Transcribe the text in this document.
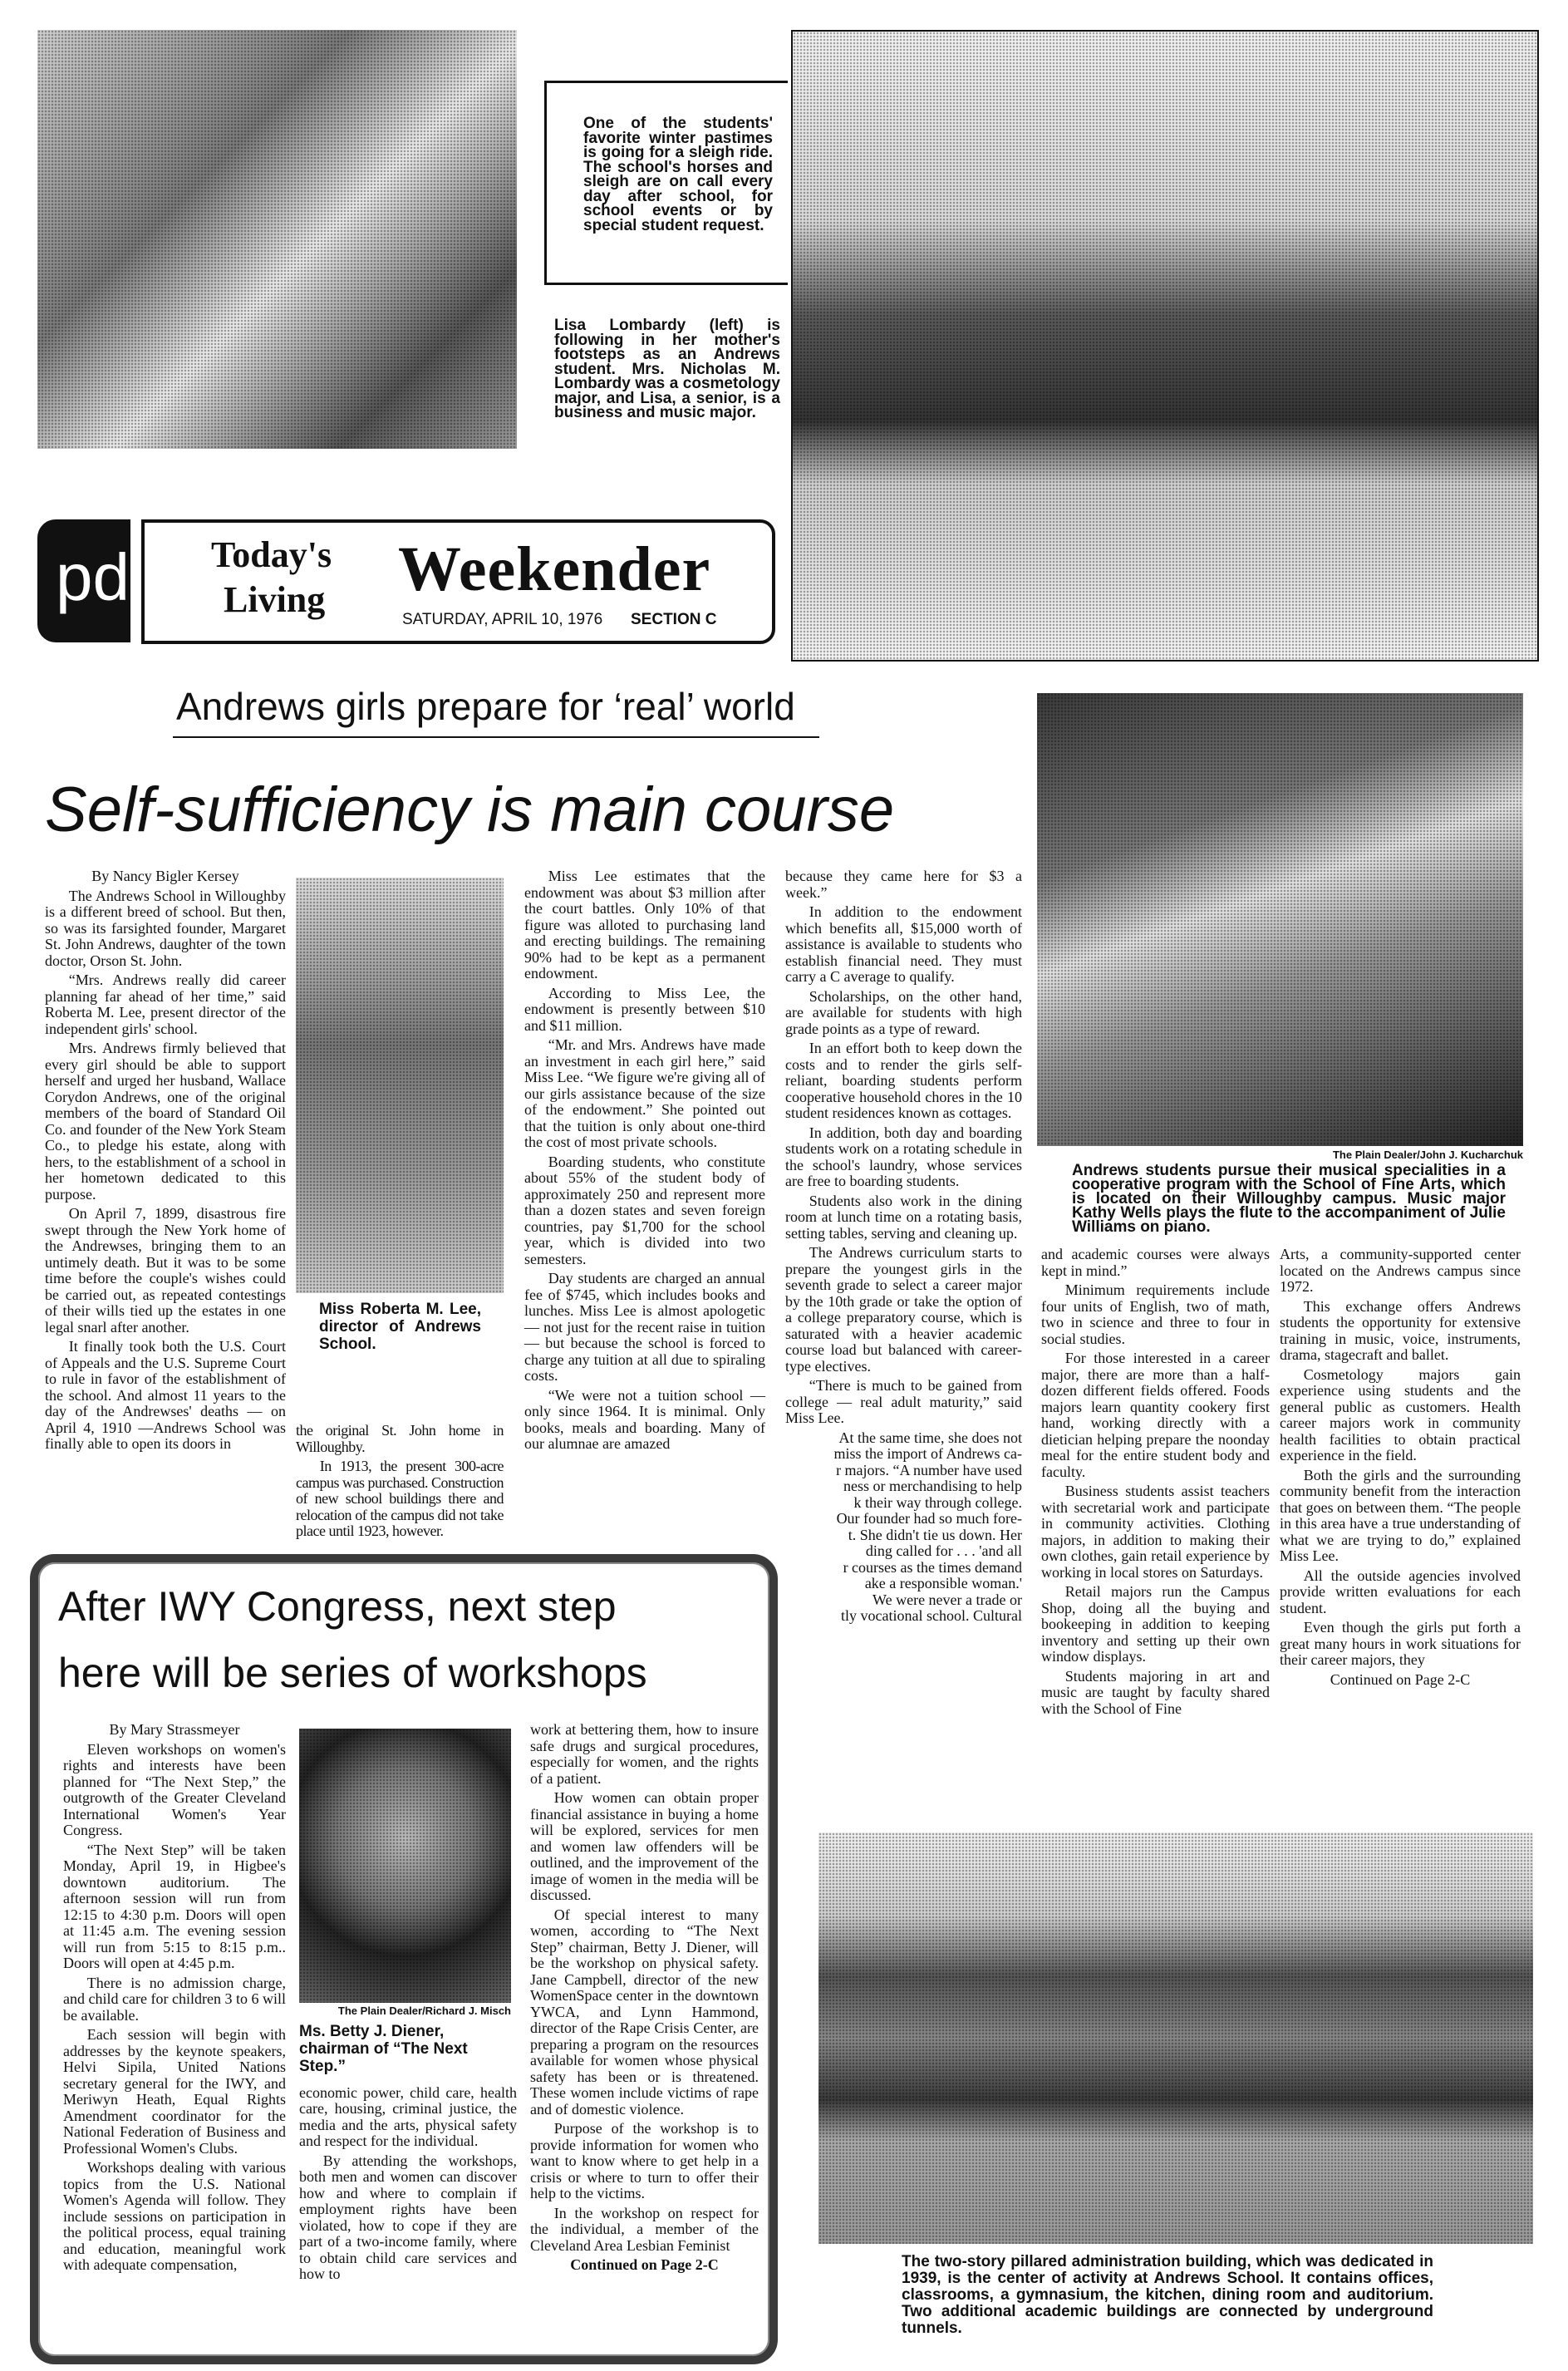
One of the students' favorite winter pastimes is going for a sleigh ride. The school's horses and sleigh are on call every day after school, for school events or by special student request.
Lisa Lombardy (left) is following in her mother's footsteps as an Andrews student. Mrs. Nicholas M. Lombardy was a cosmetology major, and Lisa, a senior, is a business and music major.
pd Today's
Living Weekender
SATURDAY, APRIL 10, 1976 SECTION C
Andrews girls prepare for ‘real’ world
Self-sufficiency is main course
The Plain Dealer/John J. Kucharchuk
Andrews students pursue their musical specialities in a cooperative program with the School of Fine Arts, which is located on their Willoughby campus. Music major Kathy Wells plays the flute to the accompaniment of Julie Williams on piano.
By Nancy Bigler Kersey

The Andrews School in Willoughby is a different breed of school. But then, so was its farsighted founder, Margaret St. John Andrews, daughter of the town doctor, Orson St. John.

“Mrs. Andrews really did career planning far ahead of her time,” said Roberta M. Lee, present director of the independent girls' school.

Mrs. Andrews firmly believed that every girl should be able to support herself and urged her husband, Wallace Corydon Andrews, one of the original members of the board of Standard Oil Co. and founder of the New York Steam Co., to pledge his estate, along with hers, to the establishment of a school in her hometown dedicated to this purpose.

On April 7, 1899, disastrous fire swept through the New York home of the Andrewses, bringing them to an untimely death. But it was to be some time before the couple's wishes could be carried out, as repeated contestings of their wills tied up the estates in one legal snarl after another.

It finally took both the U.S. Court of Appeals and the U.S. Supreme Court to rule in favor of the establishment of the school. And almost 11 years to the day of the Andrewses' deaths — on April 4, 1910 —Andrews School was finally able to open its doors in

Miss Roberta M. Lee, director of Andrews School.

the original St. John home in Willoughby.

In 1913, the present 300-acre campus was purchased. Construction of new school buildings there and relocation of the campus did not take place until 1923, however.

Miss Lee estimates that the endowment was about $3 million after the court battles. Only 10% of that figure was alloted to purchasing land and erecting buildings. The remaining 90% had to be kept as a permanent endowment.

According to Miss Lee, the endowment is presently between $10 and $11 million.

“Mr. and Mrs. Andrews have made an investment in each girl here,” said Miss Lee. “We figure we're giving all of our girls assistance because of the size of the endowment.” She pointed out that the tuition is only about one-third the cost of most private schools.

Boarding students, who constitute about 55% of the student body of approximately 250 and represent more than a dozen states and seven foreign countries, pay $1,700 for the school year, which is divided into two semesters.

Day students are charged an annual fee of $745, which includes books and lunches. Miss Lee is almost apologetic — not just for the recent raise in tuition — but because the school is forced to charge any tuition at all due to spiraling costs.

“We were not a tuition school — only since 1964. It is minimal. Only books, meals and boarding. Many of our alumnae are amazed

because they came here for $3 a week.”

In addition to the endowment which benefits all, $15,000 worth of assistance is available to students who establish financial need. They must carry a C average to qualify.

Scholarships, on the other hand, are available for students with high grade points as a type of reward.

In an effort both to keep down the costs and to render the girls self-reliant, boarding students perform cooperative household chores in the 10 student residences known as cottages.

In addition, both day and boarding students work on a rotating schedule in the school's laundry, whose services are free to boarding students.

Students also work in the dining room at lunch time on a rotating basis, setting tables, serving and cleaning up.

The Andrews curriculum starts to prepare the youngest girls in the seventh grade to select a career major by the 10th grade or take the option of a college preparatory course, which is saturated with a heavier academic course load but balanced with career-type electives.

“There is much to be gained from college — real adult maturity,” said Miss Lee.

At the same time, she does not
miss the import of Andrews ca-
r majors. “A number have used
ness or merchandising to help
k their way through college.
Our founder had so much fore-
t. She didn't tie us down. Her
ding called for . . . 'and all
r courses as the times demand
ake a responsible woman.'
We were never a trade or
tly vocational school. Cultural

and academic courses were always kept in mind.”

Minimum requirements include four units of English, two of math, two in science and three to four in social studies.

For those interested in a career major, there are more than a half-dozen different fields offered. Foods majors learn quantity cookery first hand, working directly with a dietician helping prepare the noonday meal for the entire student body and faculty.

Business students assist teachers with secretarial work and participate in community activities. Clothing majors, in addition to making their own clothes, gain retail experience by working in local stores on Saturdays.

Retail majors run the Campus Shop, doing all the buying and bookeeping in addition to keeping inventory and setting up their own window displays.

Students majoring in art and music are taught by faculty shared with the School of Fine

Arts, a community-supported center located on the Andrews campus since 1972.

This exchange offers Andrews students the opportunity for extensive training in music, voice, instruments, drama, stagecraft and ballet.

Cosmetology majors gain experience using students and the general public as customers. Health career majors work in community health facilities to obtain practical experience in the field.

Both the girls and the surrounding community benefit from the interaction that goes on between them. “The people in this area have a true understanding of what we are trying to do,” explained Miss Lee.

All the outside agencies involved provide written evaluations for each student.

Even though the girls put forth a great many hours in work situations for their career majors, they

Continued on Page 2-C
The two-story pillared administration building, which was dedicated in 1939, is the center of activity at Andrews School. It contains offices, classrooms, a gymnasium, the kitchen, dining room and auditorium. Two additional academic buildings are connected by underground tunnels.
After IWY Congress, next step
here will be series of workshops
By Mary Strassmeyer

Eleven workshops on women's rights and interests have been planned for “The Next Step,” the outgrowth of the Greater Cleveland International Women's Year Congress.

“The Next Step” will be taken Monday, April 19, in Higbee's downtown auditorium. The afternoon session will run from 12:15 to 4:30 p.m. Doors will open at 11:45 a.m. The evening session will run from 5:15 to 8:15 p.m.. Doors will open at 4:45 p.m.

There is no admission charge, and child care for children 3 to 6 will be available.

Each session will begin with addresses by the keynote speakers, Helvi Sipila, United Nations secretary general for the IWY, and Meriwyn Heath, Equal Rights Amendment coordinator for the National Federation of Business and Professional Women's Clubs.

Workshops dealing with various topics from the U.S. National Women's Agenda will follow. They include sessions on participation in the political process, equal training and education, meaningful work with adequate compensation,

The Plain Dealer/Richard J. Misch
Ms. Betty J. Diener, chairman of “The Next Step.”

economic power, child care, health care, housing, criminal justice, the media and the arts, physical safety and respect for the individual.

By attending the workshops, both men and women can discover how and where to complain if employment rights have been violated, how to cope if they are part of a two-income family, where to obtain child care services and how to

work at bettering them, how to insure safe drugs and surgical procedures, especially for women, and the rights of a patient.

How women can obtain proper financial assistance in buying a home will be explored, services for men and women law offenders will be outlined, and the improvement of the image of women in the media will be discussed.

Of special interest to many women, according to “The Next Step” chairman, Betty J. Diener, will be the workshop on physical safety. Jane Campbell, director of the new WomenSpace center in the downtown YWCA, and Lynn Hammond, director of the Rape Crisis Center, are preparing a program on the resources available for women whose physical safety has been or is threatened. These women include victims of rape and of domestic violence.

Purpose of the workshop is to provide information for women who want to know where to get help in a crisis or where to turn to offer their help to the victims.

In the workshop on respect for the individual, a member of the Cleveland Area Lesbian Feminist

Continued on Page 2-C
